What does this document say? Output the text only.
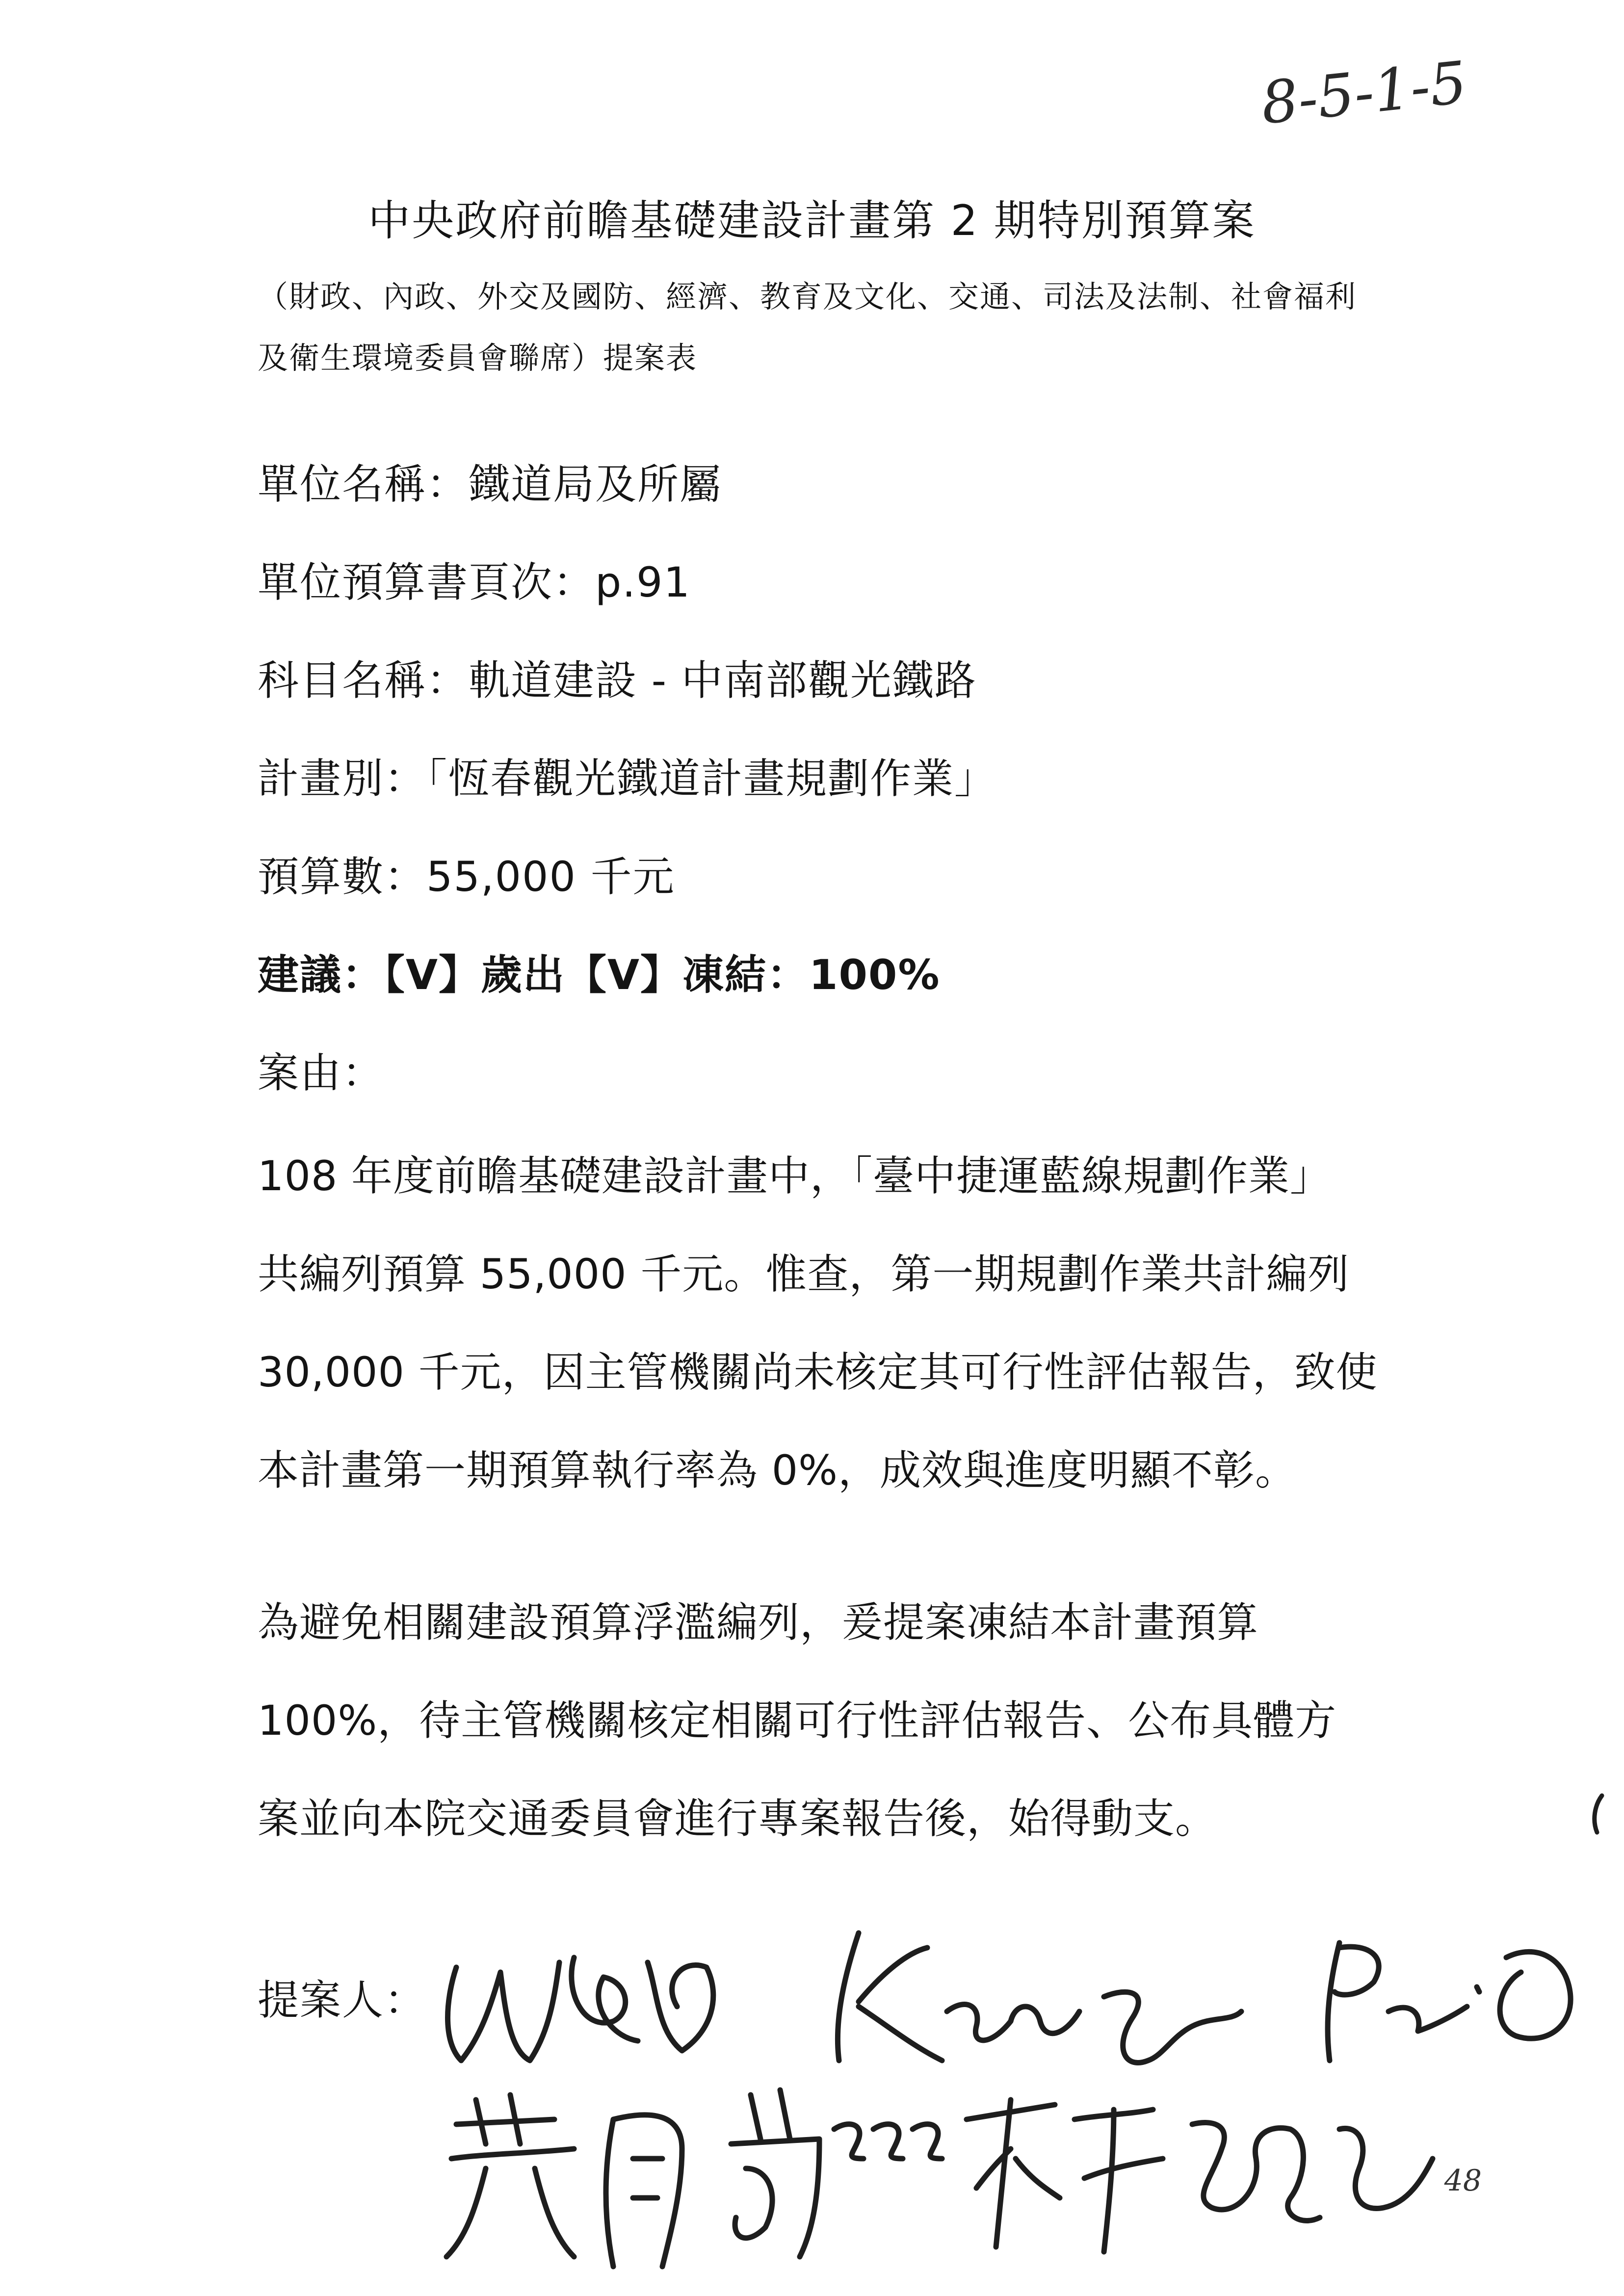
8-5-1-5
中央政府前瞻基礎建設計畫第 2 期特別預算案
（財政、內政、外交及國防、經濟、教育及文化、交通、司法及法制、社會福利
及衛生環境委員會聯席）提案表
單位名稱：鐵道局及所屬
單位預算書頁次：p.91
科目名稱：軌道建設 - 中南部觀光鐵路
計畫別：「恆春觀光鐵道計畫規劃作業」
預算數：55,000 千元
建議：【V】歲出【V】凍結：100%
案由：
108 年度前瞻基礎建設計畫中，「臺中捷運藍線規劃作業」
共編列預算 55,000 千元。惟查，第一期規劃作業共計編列
30,000 千元，因主管機關尚未核定其可行性評估報告，致使
本計畫第一期預算執行率為 0%，成效與進度明顯不彰。
為避免相關建設預算浮濫編列，爰提案凍結本計畫預算
100%，待主管機關核定相關可行性評估報告、公布具體方
案並向本院交通委員會進行專案報告後，始得動支。
提案人：
48
